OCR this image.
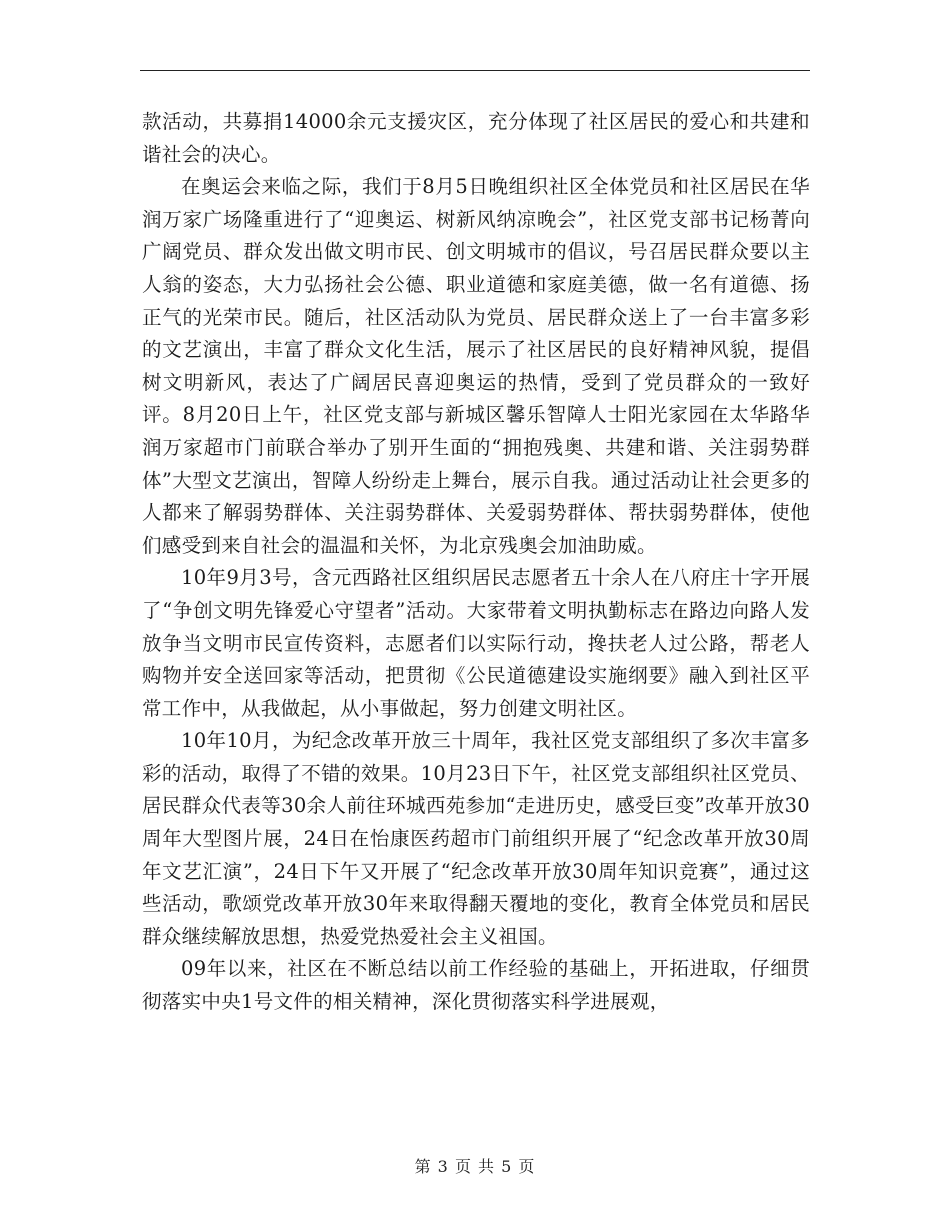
款活动，共募捐14000余元支援灾区，充分体现了社区居民的爱心和共建和谐社会的决心。

在奥运会来临之际，我们于8月5日晚组织社区全体党员和社区居民在华润万家广场隆重进行了“迎奥运、树新风纳凉晚会”，社区党支部书记杨菁向广阔党员、群众发出做文明市民、创文明城市的倡议，号召居民群众要以主人翁的姿态，大力弘扬社会公德、职业道德和家庭美德，做一名有道德、扬正气的光荣市民。随后，社区活动队为党员、居民群众送上了一台丰富多彩的文艺演出，丰富了群众文化生活，展示了社区居民的良好精神风貌，提倡树文明新风，表达了广阔居民喜迎奥运的热情，受到了党员群众的一致好评。8月20日上午，社区党支部与新城区馨乐智障人士阳光家园在太华路华润万家超市门前联合举办了别开生面的“拥抱残奥、共建和谐、关注弱势群体”大型文艺演出，智障人纷纷走上舞台，展示自我。通过活动让社会更多的人都来了解弱势群体、关注弱势群体、关爱弱势群体、帮扶弱势群体，使他们感受到来自社会的温温和关怀，为北京残奥会加油助威。

10年9月3号，含元西路社区组织居民志愿者五十余人在八府庄十字开展了“争创文明先锋爱心守望者”活动。大家带着文明执勤标志在路边向路人发放争当文明市民宣传资料，志愿者们以实际行动，搀扶老人过公路，帮老人购物并安全送回家等活动，把贯彻《公民道德建设实施纲要》融入到社区平常工作中，从我做起，从小事做起，努力创建文明社区。

10年10月，为纪念改革开放三十周年，我社区党支部组织了多次丰富多彩的活动，取得了不错的效果。10月23日下午，社区党支部组织社区党员、居民群众代表等30余人前往环城西苑参加“走进历史，感受巨变”改革开放30周年大型图片展，24日在怡康医药超市门前组织开展了“纪念改革开放30周年文艺汇演”，24日下午又开展了“纪念改革开放30周年知识竞赛”，通过这些活动，歌颂党改革开放30年来取得翻天覆地的变化，教育全体党员和居民群众继续解放思想，热爱党热爱社会主义祖国。

09年以来，社区在不断总结以前工作经验的基础上，开拓进取，仔细贯彻落实中央1号文件的相关精神，深化贯彻落实科学进展观，

第 3 页 共 5 页
